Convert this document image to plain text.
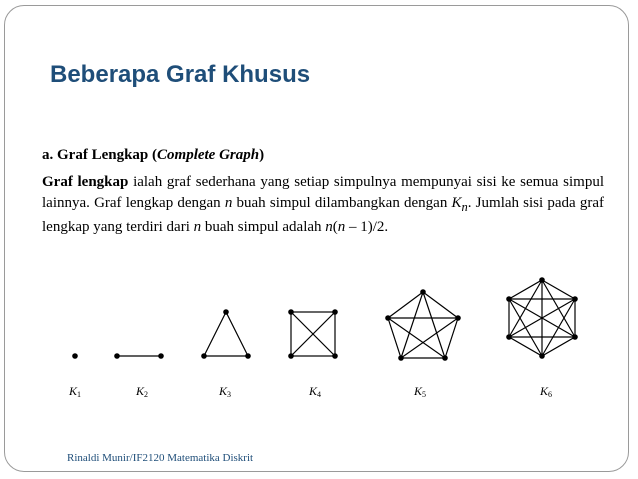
Beberapa Graf Khusus
a. Graf Lengkap (Complete Graph)

Graf lengkap ialah graf sederhana yang setiap simpulnya mempunyai sisi ke semua simpul lainnya. Graf lengkap dengan n buah simpul dilambangkan dengan $K_n$. Jumlah sisi pada graf lengkap yang terdiri dari n buah simpul adalah n(n – 1)/2.

K1	K2	K3	K4	K5	K6
Rinaldi Munir/IF2120 Matematika Diskrit
